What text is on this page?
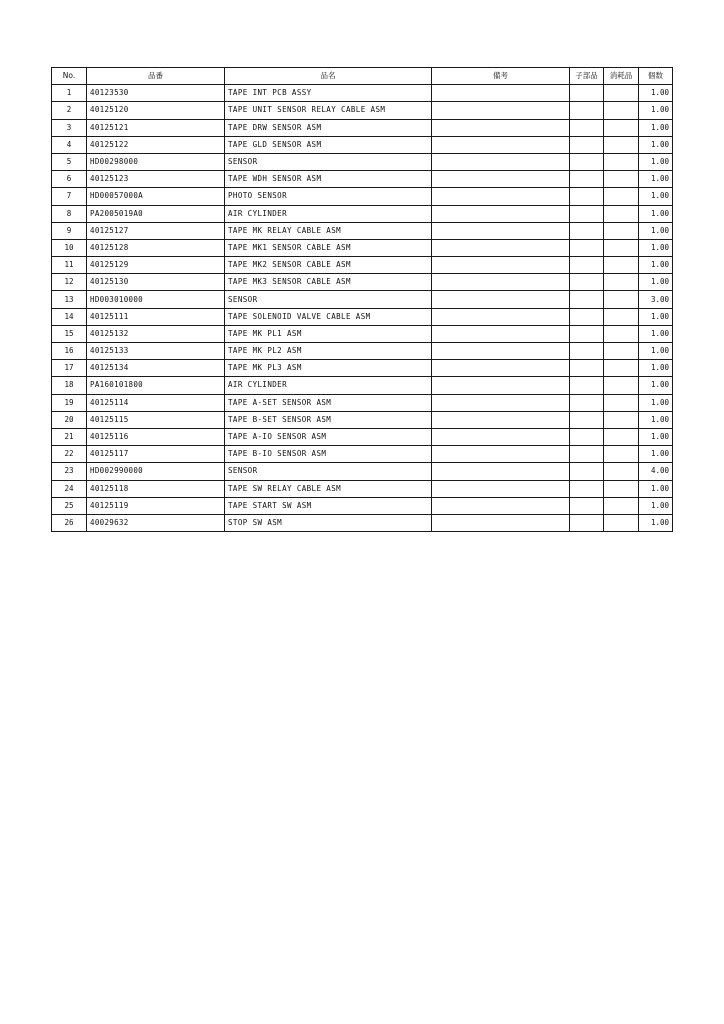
No.	品番	品名	備考	子部品	消耗品	個数
1	40123530	TAPE INT PCB ASSY				1.00
2	40125120	TAPE UNIT SENSOR RELAY CABLE ASM				1.00
3	40125121	TAPE DRW SENSOR ASM				1.00
4	40125122	TAPE GLD SENSOR ASM				1.00
5	HD00298000	SENSOR				1.00
6	40125123	TAPE WDH SENSOR ASM				1.00
7	HD00057000A	PHOTO SENSOR				1.00
8	PA2005019A0	AIR CYLINDER				1.00
9	40125127	TAPE MK RELAY CABLE ASM				1.00
10	40125128	TAPE MK1 SENSOR CABLE ASM				1.00
11	40125129	TAPE MK2 SENSOR CABLE ASM				1.00
12	40125130	TAPE MK3 SENSOR CABLE ASM				1.00
13	HD003010000	SENSOR				3.00
14	40125111	TAPE SOLENOID VALVE CABLE ASM				1.00
15	40125132	TAPE MK PL1 ASM				1.00
16	40125133	TAPE MK PL2 ASM				1.00
17	40125134	TAPE MK PL3 ASM				1.00
18	PA160101800	AIR CYLINDER				1.00
19	40125114	TAPE A-SET SENSOR ASM				1.00
20	40125115	TAPE B-SET SENSOR ASM				1.00
21	40125116	TAPE A-IO SENSOR ASM				1.00
22	40125117	TAPE B-IO SENSOR ASM				1.00
23	HD002990000	SENSOR				4.00
24	40125118	TAPE SW RELAY CABLE ASM				1.00
25	40125119	TAPE START SW ASM				1.00
26	40029632	STOP SW ASM				1.00
